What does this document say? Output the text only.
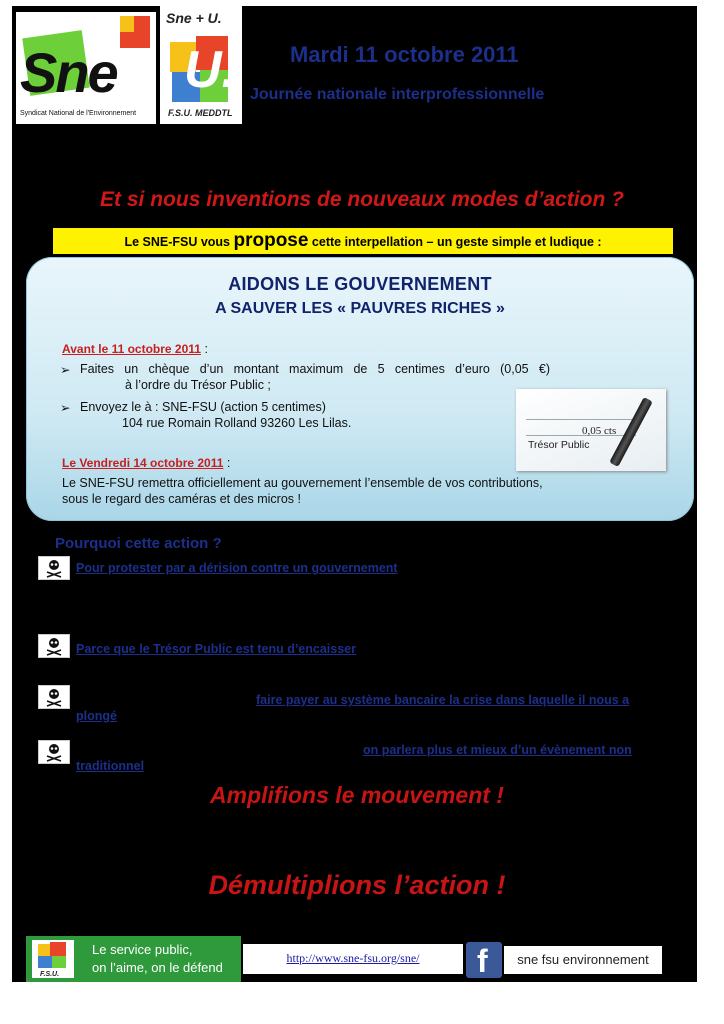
Sne
Syndicat National de l'Environnement
Sne + U.
U.
F.S.U. MEDDTL
Mardi 11 octobre 2011
Journée nationale interprofessionnelle
Et si nous inventions de nouveaux modes d’action ?
Le SNE-FSU vous propose cette interpellation – un geste simple et ludique :
AIDONS LE GOUVERNEMENT
A SAUVER LES « PAUVRES RICHES »
Avant le 11 octobre 2011 :
➢ Faites un chèque d’un montant maximum de 5 centimes d’euro (0,05 €)
à l’ordre du Trésor Public ;
➢ Envoyez le à : SNE-FSU (action 5 centimes)
104 rue Romain Rolland 93260 Les Lilas.
Le Vendredi 14 octobre 2011 :
Le SNE-FSU remettra officiellement au gouvernement l’ensemble de vos contributions,
sous le regard des caméras et des micros !
0,05 cts
Trésor Public
Pourquoi cette action ?
Pour protester par a dérision contre un gouvernement
Parce que le Trésor Public est tenu d’encaisser
faire payer au système bancaire la crise dans laquelle il nous a
plongé
on parlera plus et mieux d’un évènement non
traditionnel
Amplifions le mouvement !
Démultiplions l’action !
F.S.U.
Le service public,
on l’aime, on le défend
http://www.sne-fsu.org/sne/	f	sne fsu environnement
